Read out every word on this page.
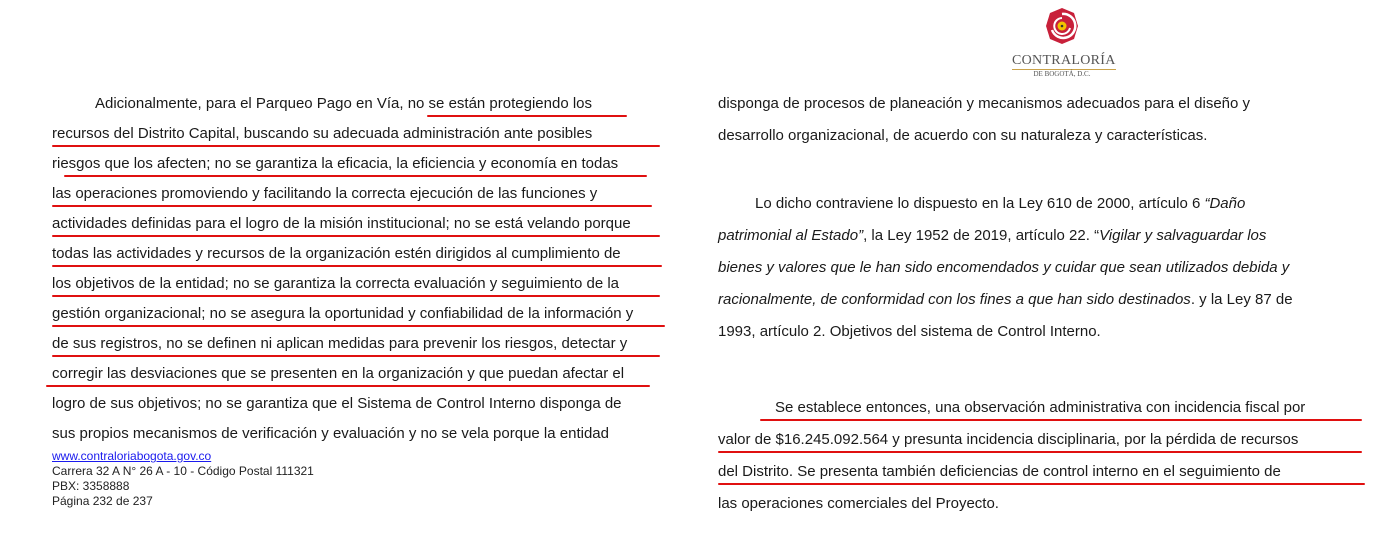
Adicionalmente, para el Parqueo Pago en Vía, no se están protegiendo los
recursos del Distrito Capital, buscando su adecuada administración ante posibles
riesgos que los afecten; no se garantiza la eficacia, la eficiencia y economía en todas
las operaciones promoviendo y facilitando la correcta ejecución de las funciones y
actividades definidas para el logro de la misión institucional; no se está velando porque
todas las actividades y recursos de la organización estén dirigidos al cumplimiento de
los objetivos de la entidad; no se garantiza la correcta evaluación y seguimiento de la
gestión organizacional; no se asegura la oportunidad y confiabilidad de la información y
de sus registros, no se definen ni aplican medidas para prevenir los riesgos, detectar y
corregir las desviaciones que se presenten en la organización y que puedan afectar el
logro de sus objetivos; no se garantiza que el Sistema de Control Interno disponga de
sus propios mecanismos de verificación y evaluación y no se vela porque la entidad
www.contraloriabogota.gov.co
Carrera 32 A N° 26 A - 10 - Código Postal 111321
PBX: 3358888
Página 232 de 237
CONTRALORÍA
DE BOGOTÁ, D.C.
disponga de procesos de planeación y mecanismos adecuados para el diseño y
desarrollo organizacional, de acuerdo con su naturaleza y características.
Lo dicho contraviene lo dispuesto en la Ley 610 de 2000, artículo 6 “Daño
patrimonial al Estado”, la Ley 1952 de 2019, artículo 22. “Vigilar y salvaguardar los
bienes y valores que le han sido encomendados y cuidar que sean utilizados debida y
racionalmente, de conformidad con los fines a que han sido destinados. y la Ley 87 de
1993, artículo 2. Objetivos del sistema de Control Interno.
Se establece entonces, una observación administrativa con incidencia fiscal por
valor de $16.245.092.564 y presunta incidencia disciplinaria, por la pérdida de recursos
del Distrito. Se presenta también deficiencias de control interno en el seguimiento de
las operaciones comerciales del Proyecto.
